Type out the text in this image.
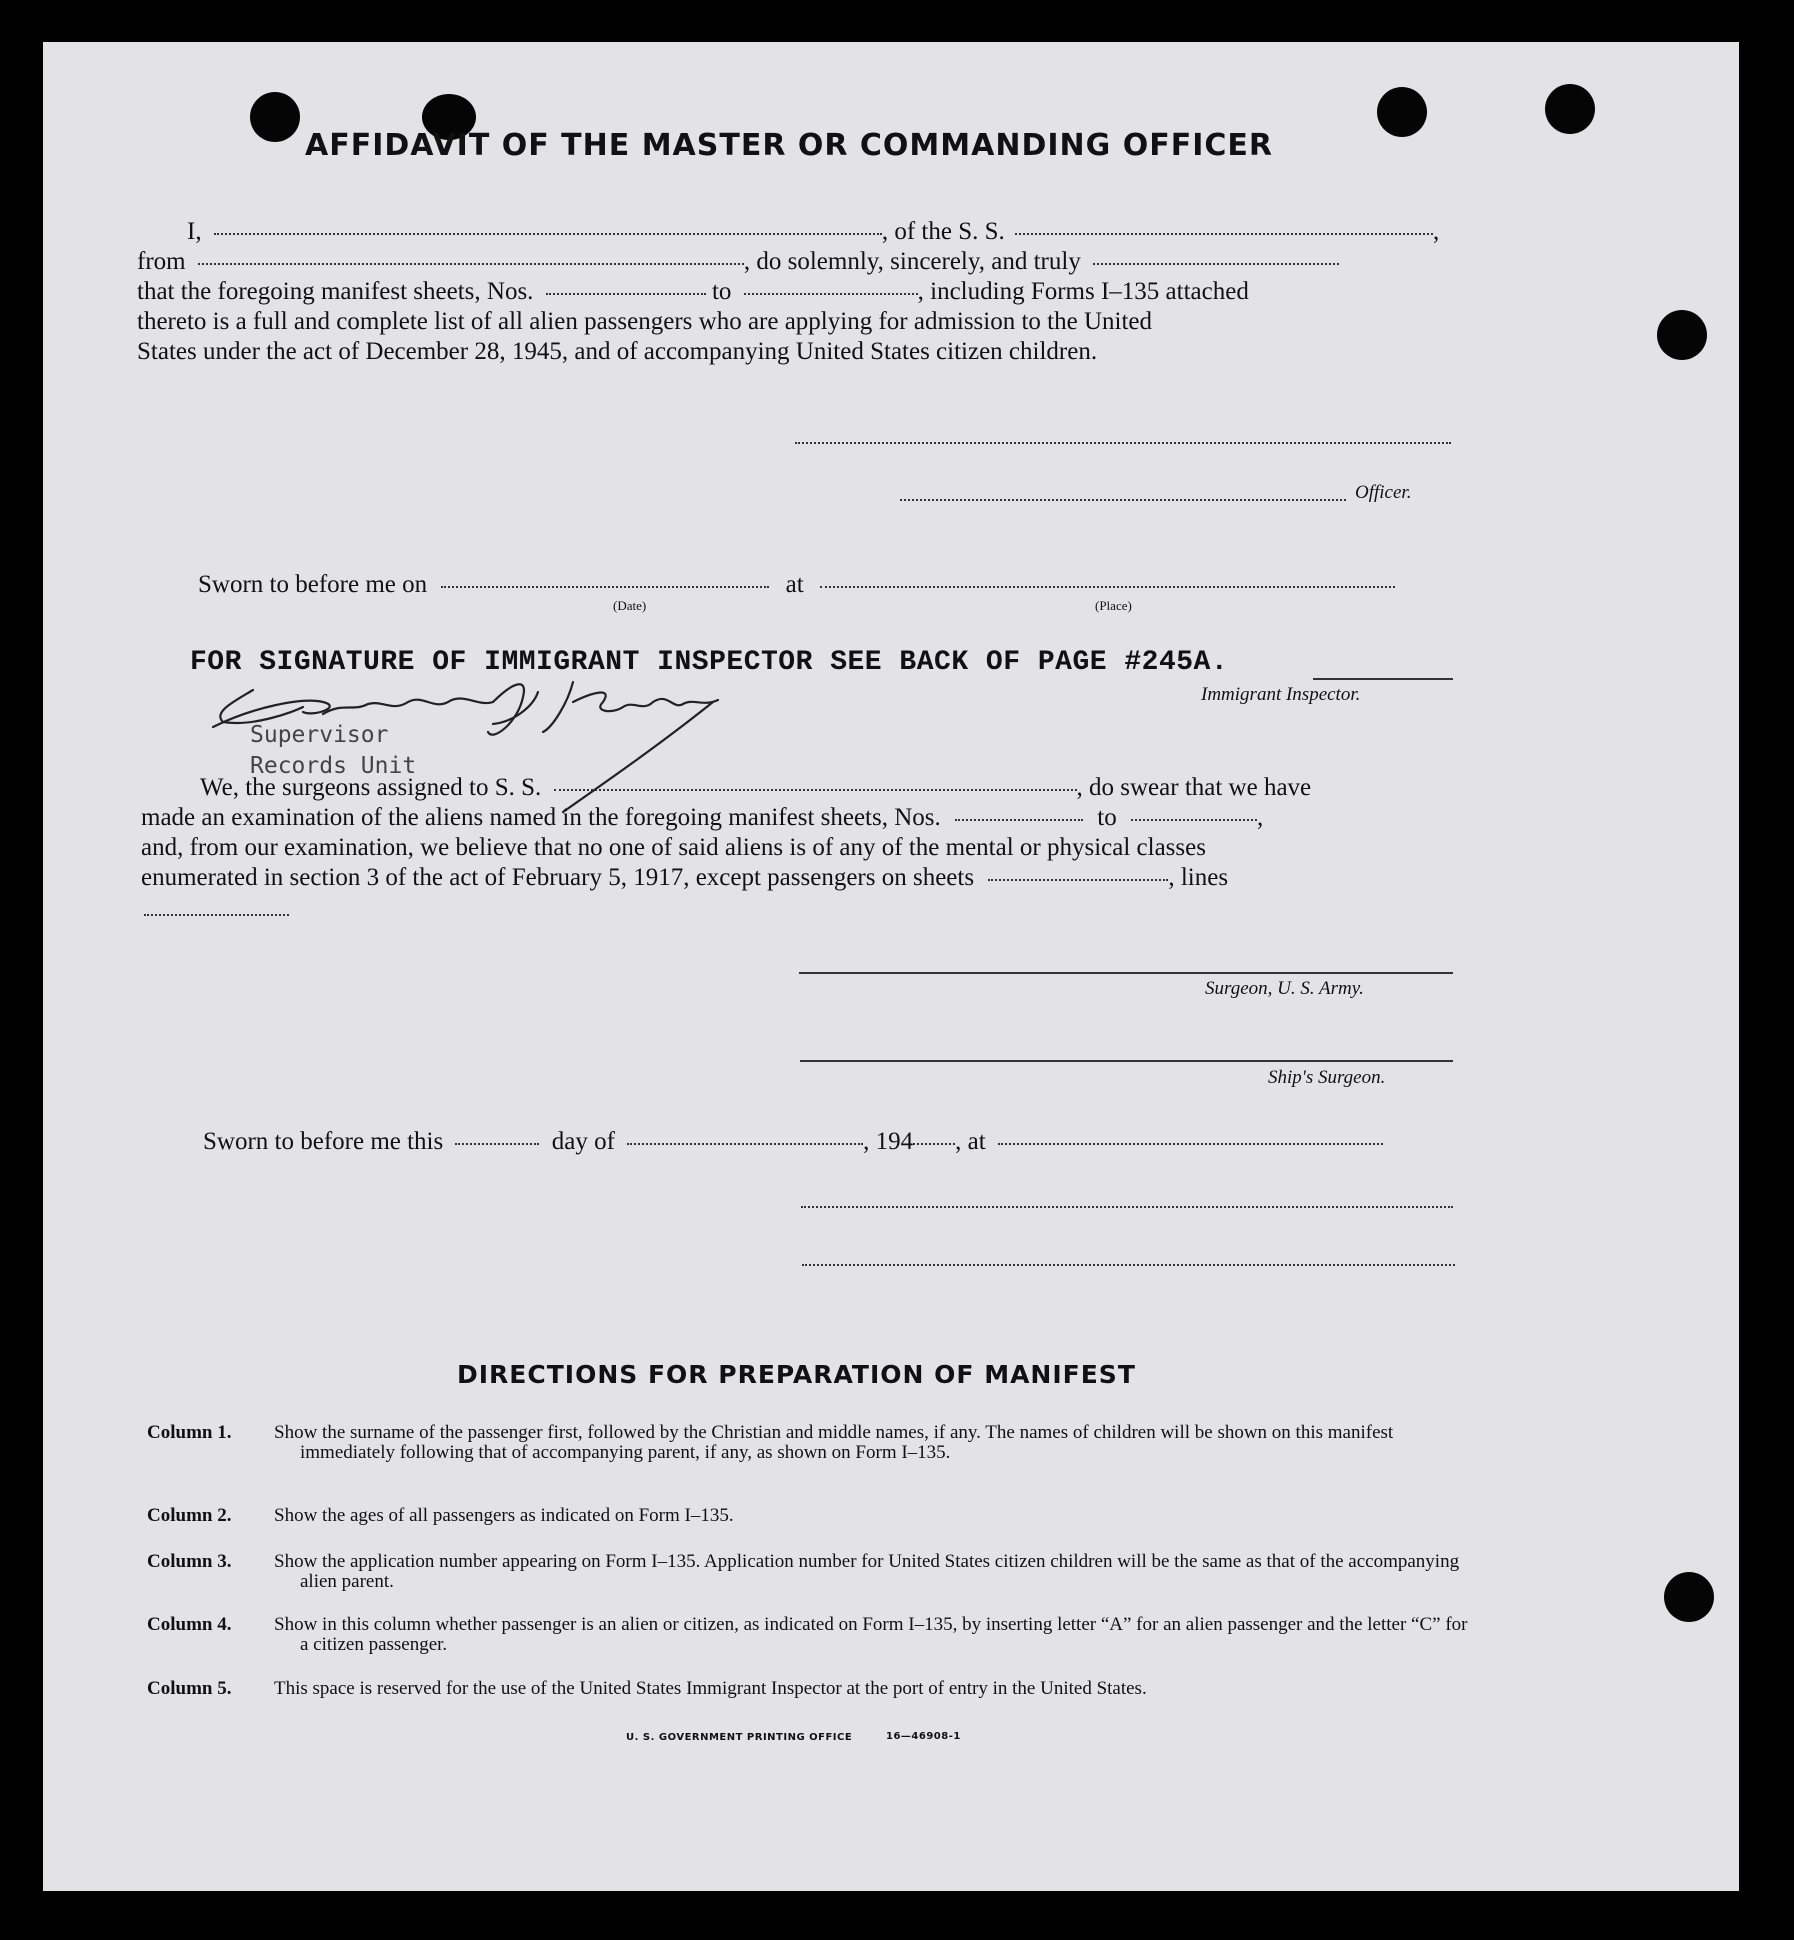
AFFIDAVIT OF THE MASTER OR COMMANDING OFFICER
I,	, of the S. S.	,
from	, do solemnly, sincerely, and truly
that the foregoing manifest sheets, Nos.	to	, including Forms I–135 attached
thereto is a full and complete list of all alien passengers who are applying for admission to the United
States under the act of December 28, 1945, and of accompanying United States citizen children.
Officer.
Sworn to before me on	at
(Date)	(Place)
FOR SIGNATURE OF IMMIGRANT INSPECTOR SEE BACK OF PAGE #245A.
Immigrant Inspector.
Supervisor
Records Unit
We, the surgeons assigned to S. S.	, do swear that we have
made an examination of the aliens named in the foregoing manifest sheets, Nos.	to	,
and, from our examination, we believe that no one of said aliens is of any of the mental or physical classes
enumerated in section 3 of the act of February 5, 1917, except passengers on sheets	, lines
Surgeon, U. S. Army.
Ship's Surgeon.
Sworn to before me this	day of	, 194 , at
DIRECTIONS FOR PREPARATION OF MANIFEST
Column 1. Show the surname of the passenger first, followed by the Christian and middle names, if any. The names of children will be shown on this manifest immediately following that of accompanying parent, if any, as shown on Form I–135.
Column 2. Show the ages of all passengers as indicated on Form I–135.
Column 3. Show the application number appearing on Form I–135. Application number for United States citizen children will be the same as that of the accompanying alien parent.
Column 4. Show in this column whether passenger is an alien or citizen, as indicated on Form I–135, by inserting letter “A” for an alien passenger and the letter “C” for a citizen passenger.
Column 5. This space is reserved for the use of the United States Immigrant Inspector at the port of entry in the United States.
U. S. GOVERNMENT PRINTING OFFICE	16—46908-1
